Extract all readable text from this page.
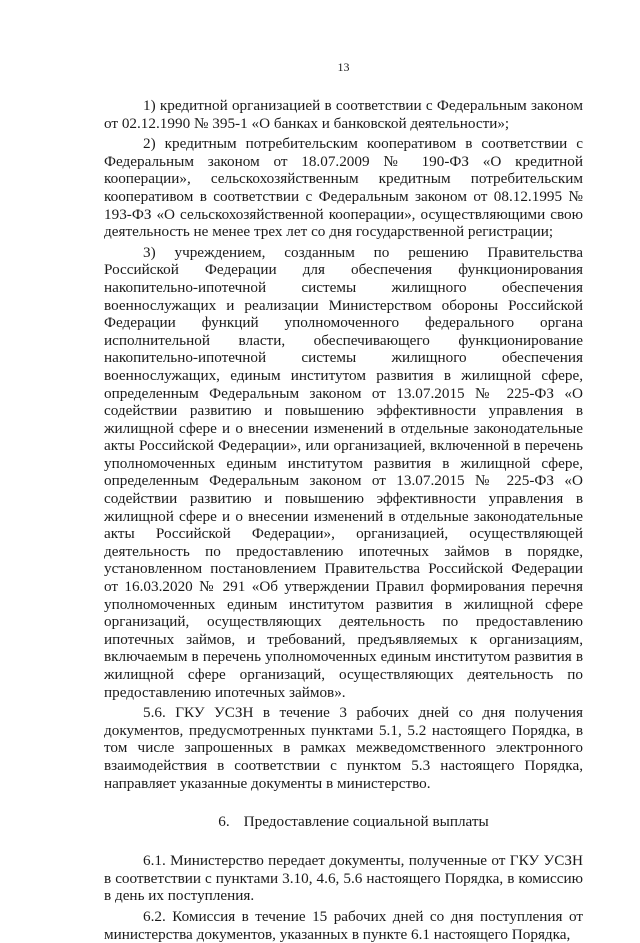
13

1) кредитной организацией в соответствии с Федеральным законом от 02.12.1990 № 395-1 «О банках и банковской деятельности»;

2) кредитным потребительским кооперативом в соответствии с Федеральным законом от 18.07.2009 № 190-ФЗ «О кредитной кооперации», сельскохозяйственным кредитным потребительским кооперативом в соответствии с Федеральным законом от 08.12.1995 № 193-ФЗ «О сельскохозяйственной кооперации», осуществляющими свою деятельность не менее трех лет со дня государственной регистрации;

3) учреждением, созданным по решению Правительства Российской Федерации для обеспечения функционирования накопительно-ипотечной системы жилищного обеспечения военнослужащих и реализации Министерством обороны Российской Федерации функций уполномоченного федерального органа исполнительной власти, обеспечивающего функционирование накопительно-ипотечной системы жилищного обеспечения военнослужащих, единым институтом развития в жилищной сфере, определенным Федеральным законом от 13.07.2015 № 225-ФЗ «О содействии развитию и повышению эффективности управления в жилищной сфере и о внесении изменений в отдельные законодательные акты Российской Федерации», или организацией, включенной в перечень уполномоченных единым институтом развития в жилищной сфере, определенным Федеральным законом от 13.07.2015 № 225-ФЗ «О содействии развитию и повышению эффективности управления в жилищной сфере и о внесении изменений в отдельные законодательные акты Российской Федерации», организацией, осуществляющей деятельность по предоставлению ипотечных займов в порядке, установленном постановлением Правительства Российской Федерации от 16.03.2020 № 291 «Об утверждении Правил формирования перечня уполномоченных единым институтом развития в жилищной сфере организаций, осуществляющих деятельность по предоставлению ипотечных займов, и требований, предъявляемых к организациям, включаемым в перечень уполномоченных единым институтом развития в жилищной сфере организаций, осуществляющих деятельность по предоставлению ипотечных займов».

5.6. ГКУ УСЗН в течение 3 рабочих дней со дня получения документов, предусмотренных пунктами 5.1, 5.2 настоящего Порядка, в том числе запрошенных в рамках межведомственного электронного взаимодействия в соответствии с пунктом 5.3 настоящего Порядка, направляет указанные документы в министерство.

6. Предоставление социальной выплаты

6.1. Министерство передает документы, полученные от ГКУ УСЗН в соответствии с пунктами 3.10, 4.6, 5.6 настоящего Порядка, в комиссию в день их поступления.

6.2. Комиссия в течение 15 рабочих дней со дня поступления от министерства документов, указанных в пункте 6.1 настоящего Порядка,
